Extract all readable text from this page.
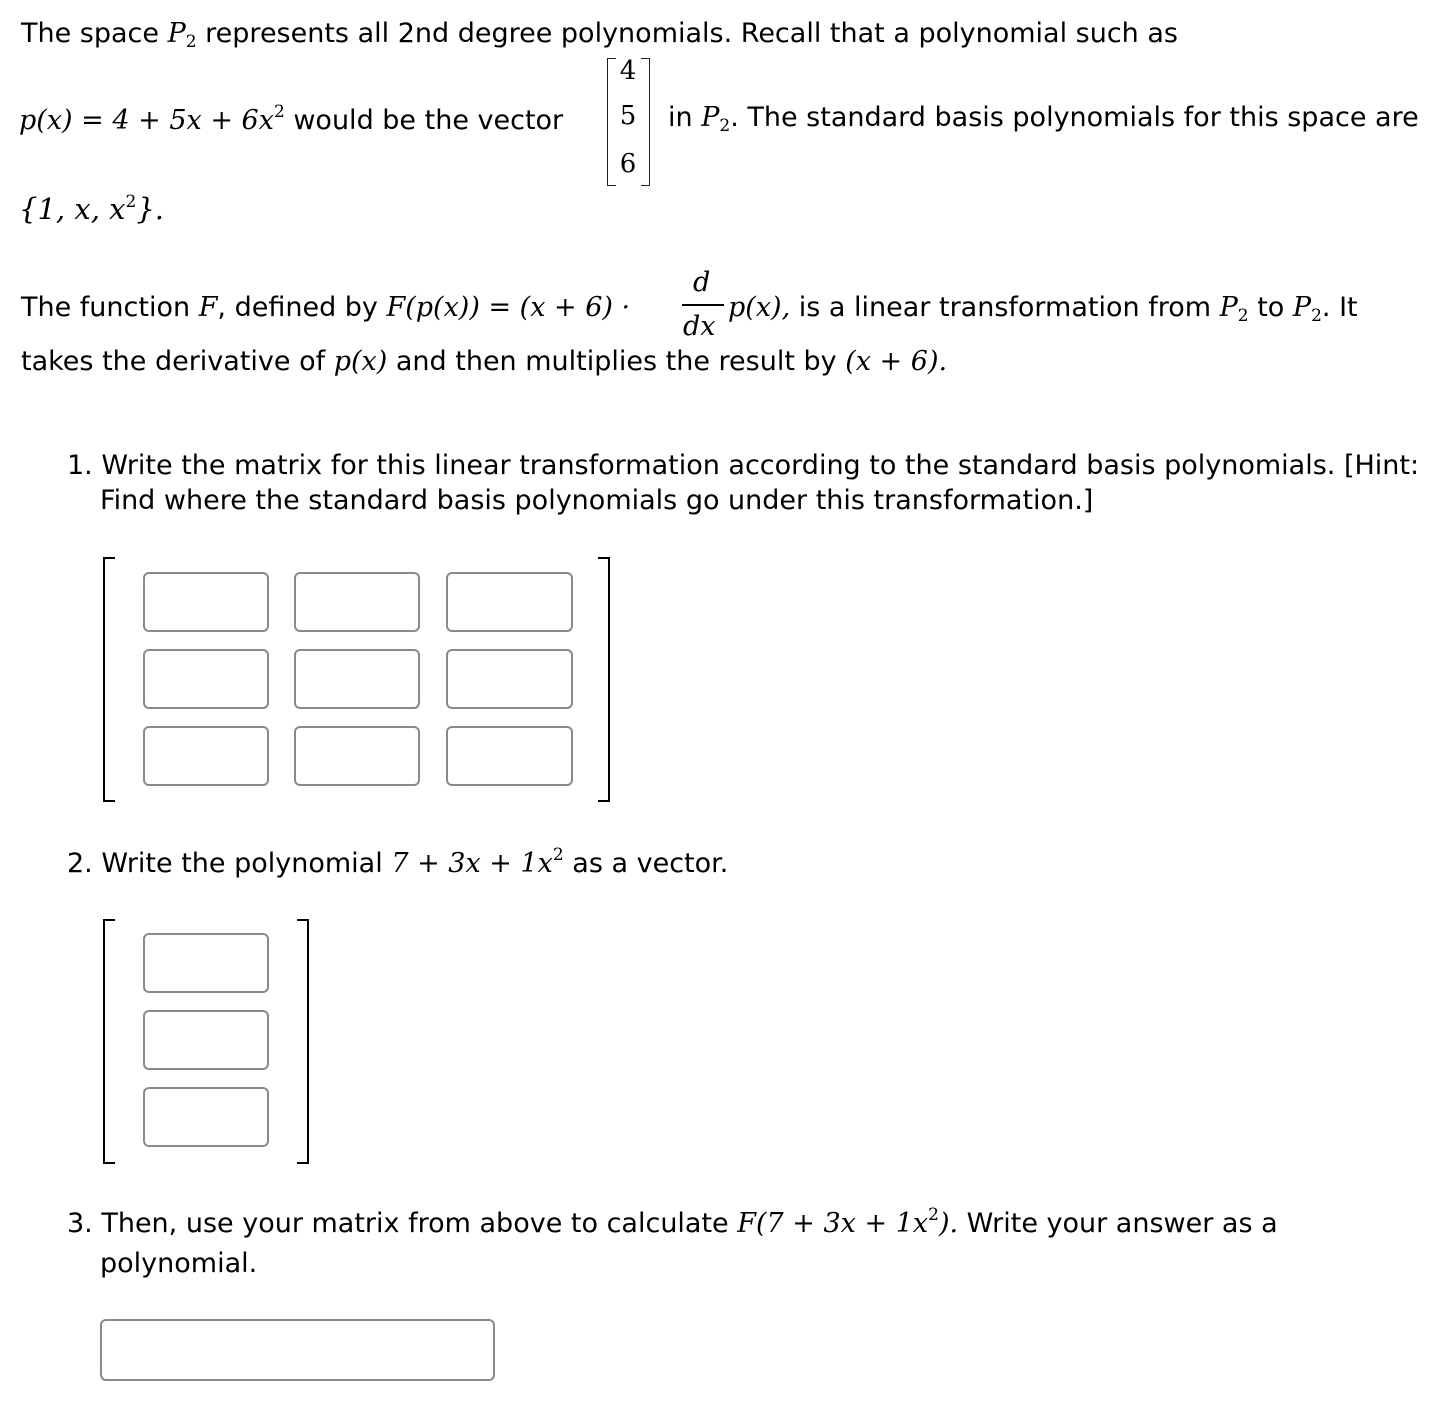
The space $P_2$ represents all 2nd degree polynomials. Recall that a polynomial such as
$p(x) = 4 + 5x + 6x^2$ would be the vector
4
5
6
in $P_2$. The standard basis polynomials for this space are
{1, x, $x^2$}.
The function F, defined by F(p(x)) = (x + 6) ·
d
dx
p(x), is a linear transformation from $P_2$ to $P_2$. It
takes the derivative of p(x) and then multiplies the result by (x + 6).
1. Write the matrix for this linear transformation according to the standard basis polynomials. [Hint:
Find where the standard basis polynomials go under this transformation.]
2. Write the polynomial $7 + 3x + 1x^2$ as a vector.
3. Then, use your matrix from above to calculate $F(7 + 3x + 1x^2)$. Write your answer as a
polynomial.
